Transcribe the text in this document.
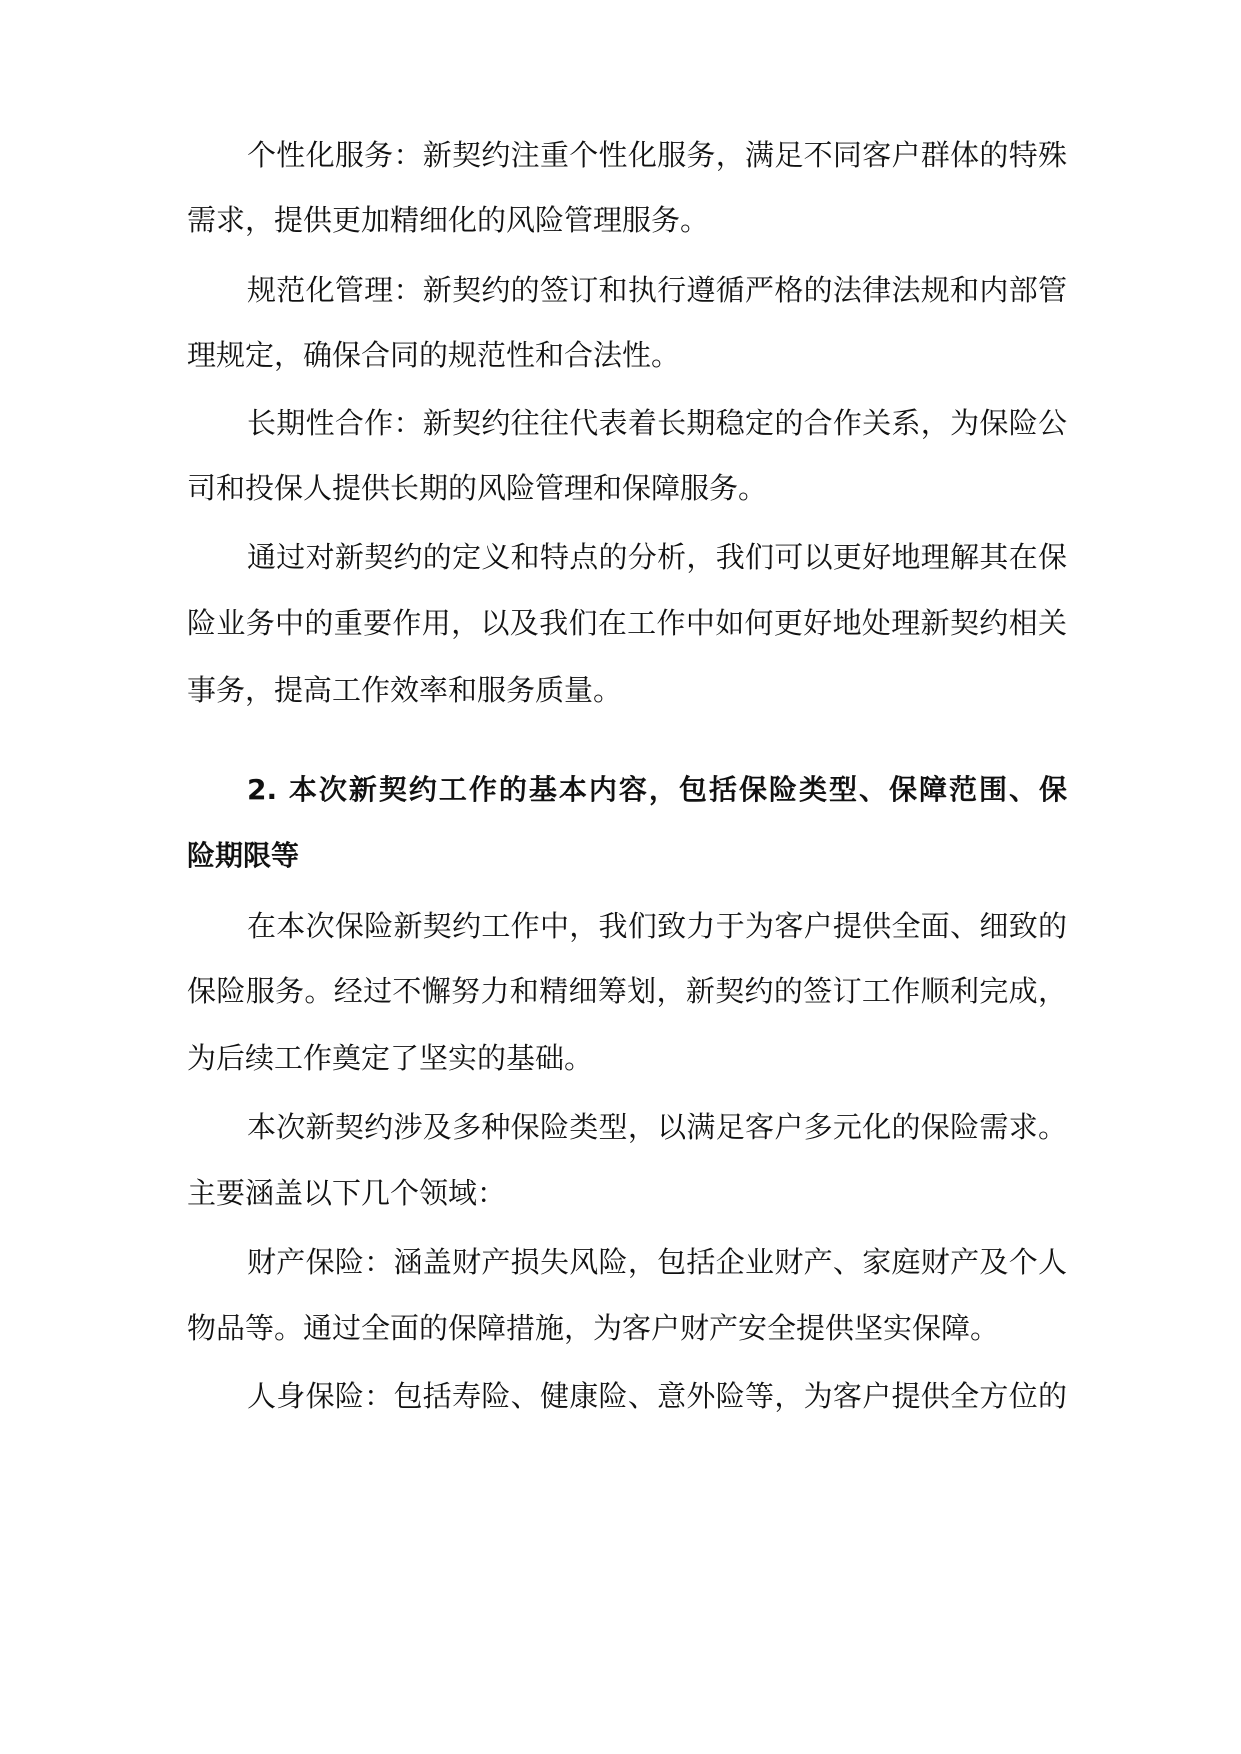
个性化服务：新契约注重个性化服务，满足不同客户群体的特殊
需求，提供更加精细化的风险管理服务。
规范化管理：新契约的签订和执行遵循严格的法律法规和内部管
理规定，确保合同的规范性和合法性。
长期性合作：新契约往往代表着长期稳定的合作关系，为保险公
司和投保人提供长期的风险管理和保障服务。
通过对新契约的定义和特点的分析，我们可以更好地理解其在保
险业务中的重要作用，以及我们在工作中如何更好地处理新契约相关
事务，提高工作效率和服务质量。
2. 本次新契约工作的基本内容，包括保险类型、保障范围、保
险期限等
在本次保险新契约工作中，我们致力于为客户提供全面、细致的
保险服务。经过不懈努力和精细筹划，新契约的签订工作顺利完成，
为后续工作奠定了坚实的基础。
本次新契约涉及多种保险类型，以满足客户多元化的保险需求。
主要涵盖以下几个领域：
财产保险：涵盖财产损失风险，包括企业财产、家庭财产及个人
物品等。通过全面的保障措施，为客户财产安全提供坚实保障。
人身保险：包括寿险、健康险、意外险等，为客户提供全方位的
